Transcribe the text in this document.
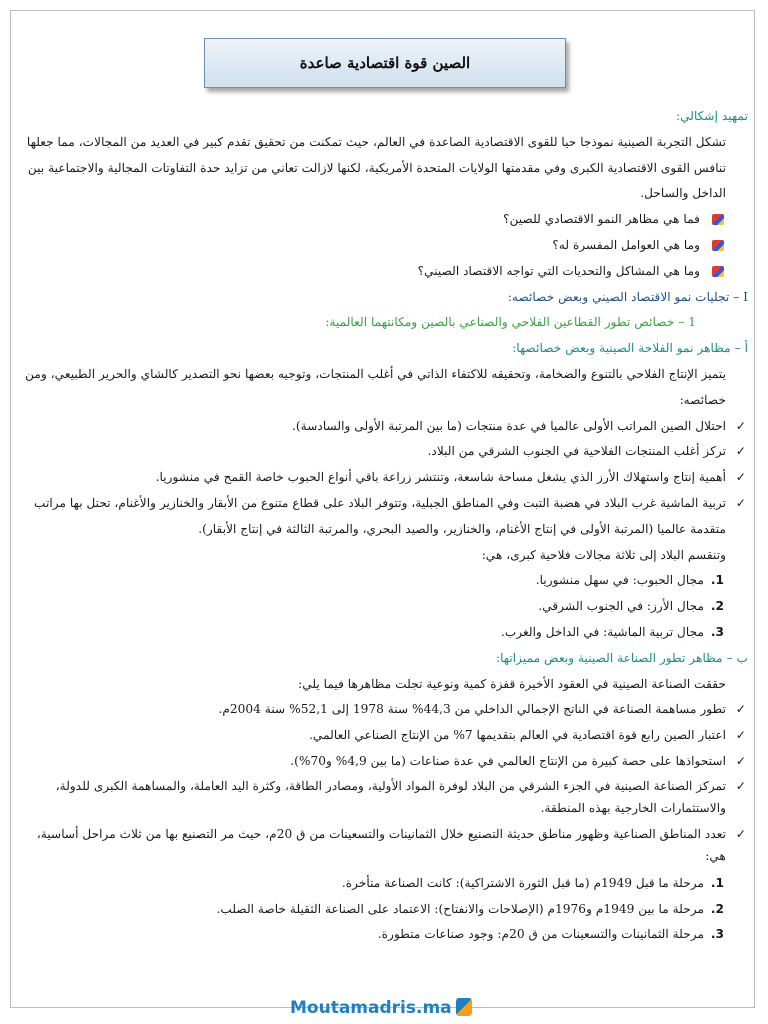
الصين قوة اقتصادية صاعدة

تمهيد إشكالي:

تشكل التجربة الصينية نموذجا حيا للقوى الاقتصادية الصاعدة في العالم، حيث تمكنت من تحقيق تقدم كبير في العديد من المجالات، مما جعلها تنافس القوى الاقتصادية الكبرى وفي مقدمتها الولايات المتحدة الأمريكية، لكنها لازالت تعاني من تزايد حدة التفاوتات المجالية والاجتماعية بين الداخل والساحل.

فما هي مظاهر النمو الاقتصادي للصين؟
وما هي العوامل المفسرة له؟
وما هي المشاكل والتحديات التي تواجه الاقتصاد الصيني؟

I – تجليات نمو الاقتصاد الصيني وبعض خصائصه:

1 – خصائص تطور القطاعين الفلاحي والصناعي بالصين ومكانتهما العالمية:

أ – مظاهر نمو الفلاحة الصينية وبعض خصائصها:

يتميز الإنتاج الفلاحي بالتنوع والضخامة، وتحقيقه للاكتفاء الذاتي في أغلب المنتجات، وتوجيه بعضها نحو التصدير كالشاي والحرير الطبيعي، ومن خصائصه:

✓
احتلال الصين المراتب الأولى عالميا في عدة منتجات (ما بين المرتبة الأولى والسادسة).
✓
تركز أغلب المنتجات الفلاحية في الجنوب الشرقي من البلاد.
✓
أهمية إنتاج واستهلاك الأرز الذي يشغل مساحة شاسعة، وتنتشر زراعة باقي أنواع الحبوب خاصة القمح في منشوريا.
✓
تربية الماشية غرب البلاد في هضبة التبت وفي المناطق الجبلية، وتتوفر البلاد على قطاع متنوع من الأبقار والخنازير والأغنام، تحتل بها مراتب متقدمة عالميا (المرتبة الأولى في إنتاج الأغنام، والخنازير، والصيد البحري، والمرتبة الثالثة في إنتاج الأبقار).

وتنقسم البلاد إلى ثلاثة مجالات فلاحية كبرى، هي:

1.
مجال الحبوب: في سهل منشوريا.
2.
مجال الأرز: في الجنوب الشرقي.
3.
مجال تربية الماشية: في الداخل والغرب.

ب – مظاهر تطور الصناعة الصينية وبعض مميزاتها:

حققت الصناعة الصينية في العقود الأخيرة قفزة كمية ونوعية تجلت مظاهرها فيما يلي:

✓
تطور مساهمة الصناعة في الناتج الإجمالي الداخلي من 44,3% سنة 1978 إلى 52,1% سنة 2004م.
✓
اعتبار الصين رابع قوة اقتصادية في العالم بتقديمها 7% من الإنتاج الصناعي العالمي.
✓
استحواذها على حصة كبيرة من الإنتاج العالمي في عدة صناعات (ما بين 4,9% و70%).
✓
تمركز الصناعة الصينية في الجزء الشرقي من البلاد لوفرة المواد الأولية، ومصادر الطاقة، وكثرة اليد العاملة، والمساهمة الكبرى للدولة، والاستثمارات الخارجية بهذه المنطقة.
✓
تعدد المناطق الصناعية وظهور مناطق حديثة التصنيع خلال الثمانينات والتسعينات من ق 20م، حيث مر التصنيع بها من ثلاث مراحل أساسية، هي:
1.
مرحلة ما قبل 1949م (ما قبل الثورة الاشتراكية): كانت الصناعة متأخرة.
2.
مرحلة ما بين 1949م و1976م (الإصلاحات والانفتاح): الاعتماد على الصناعة الثقيلة خاصة الصلب.
3.
مرحلة الثمانينات والتسعينات من ق 20م: وجود صناعات متطورة.
Moutamadris.ma
